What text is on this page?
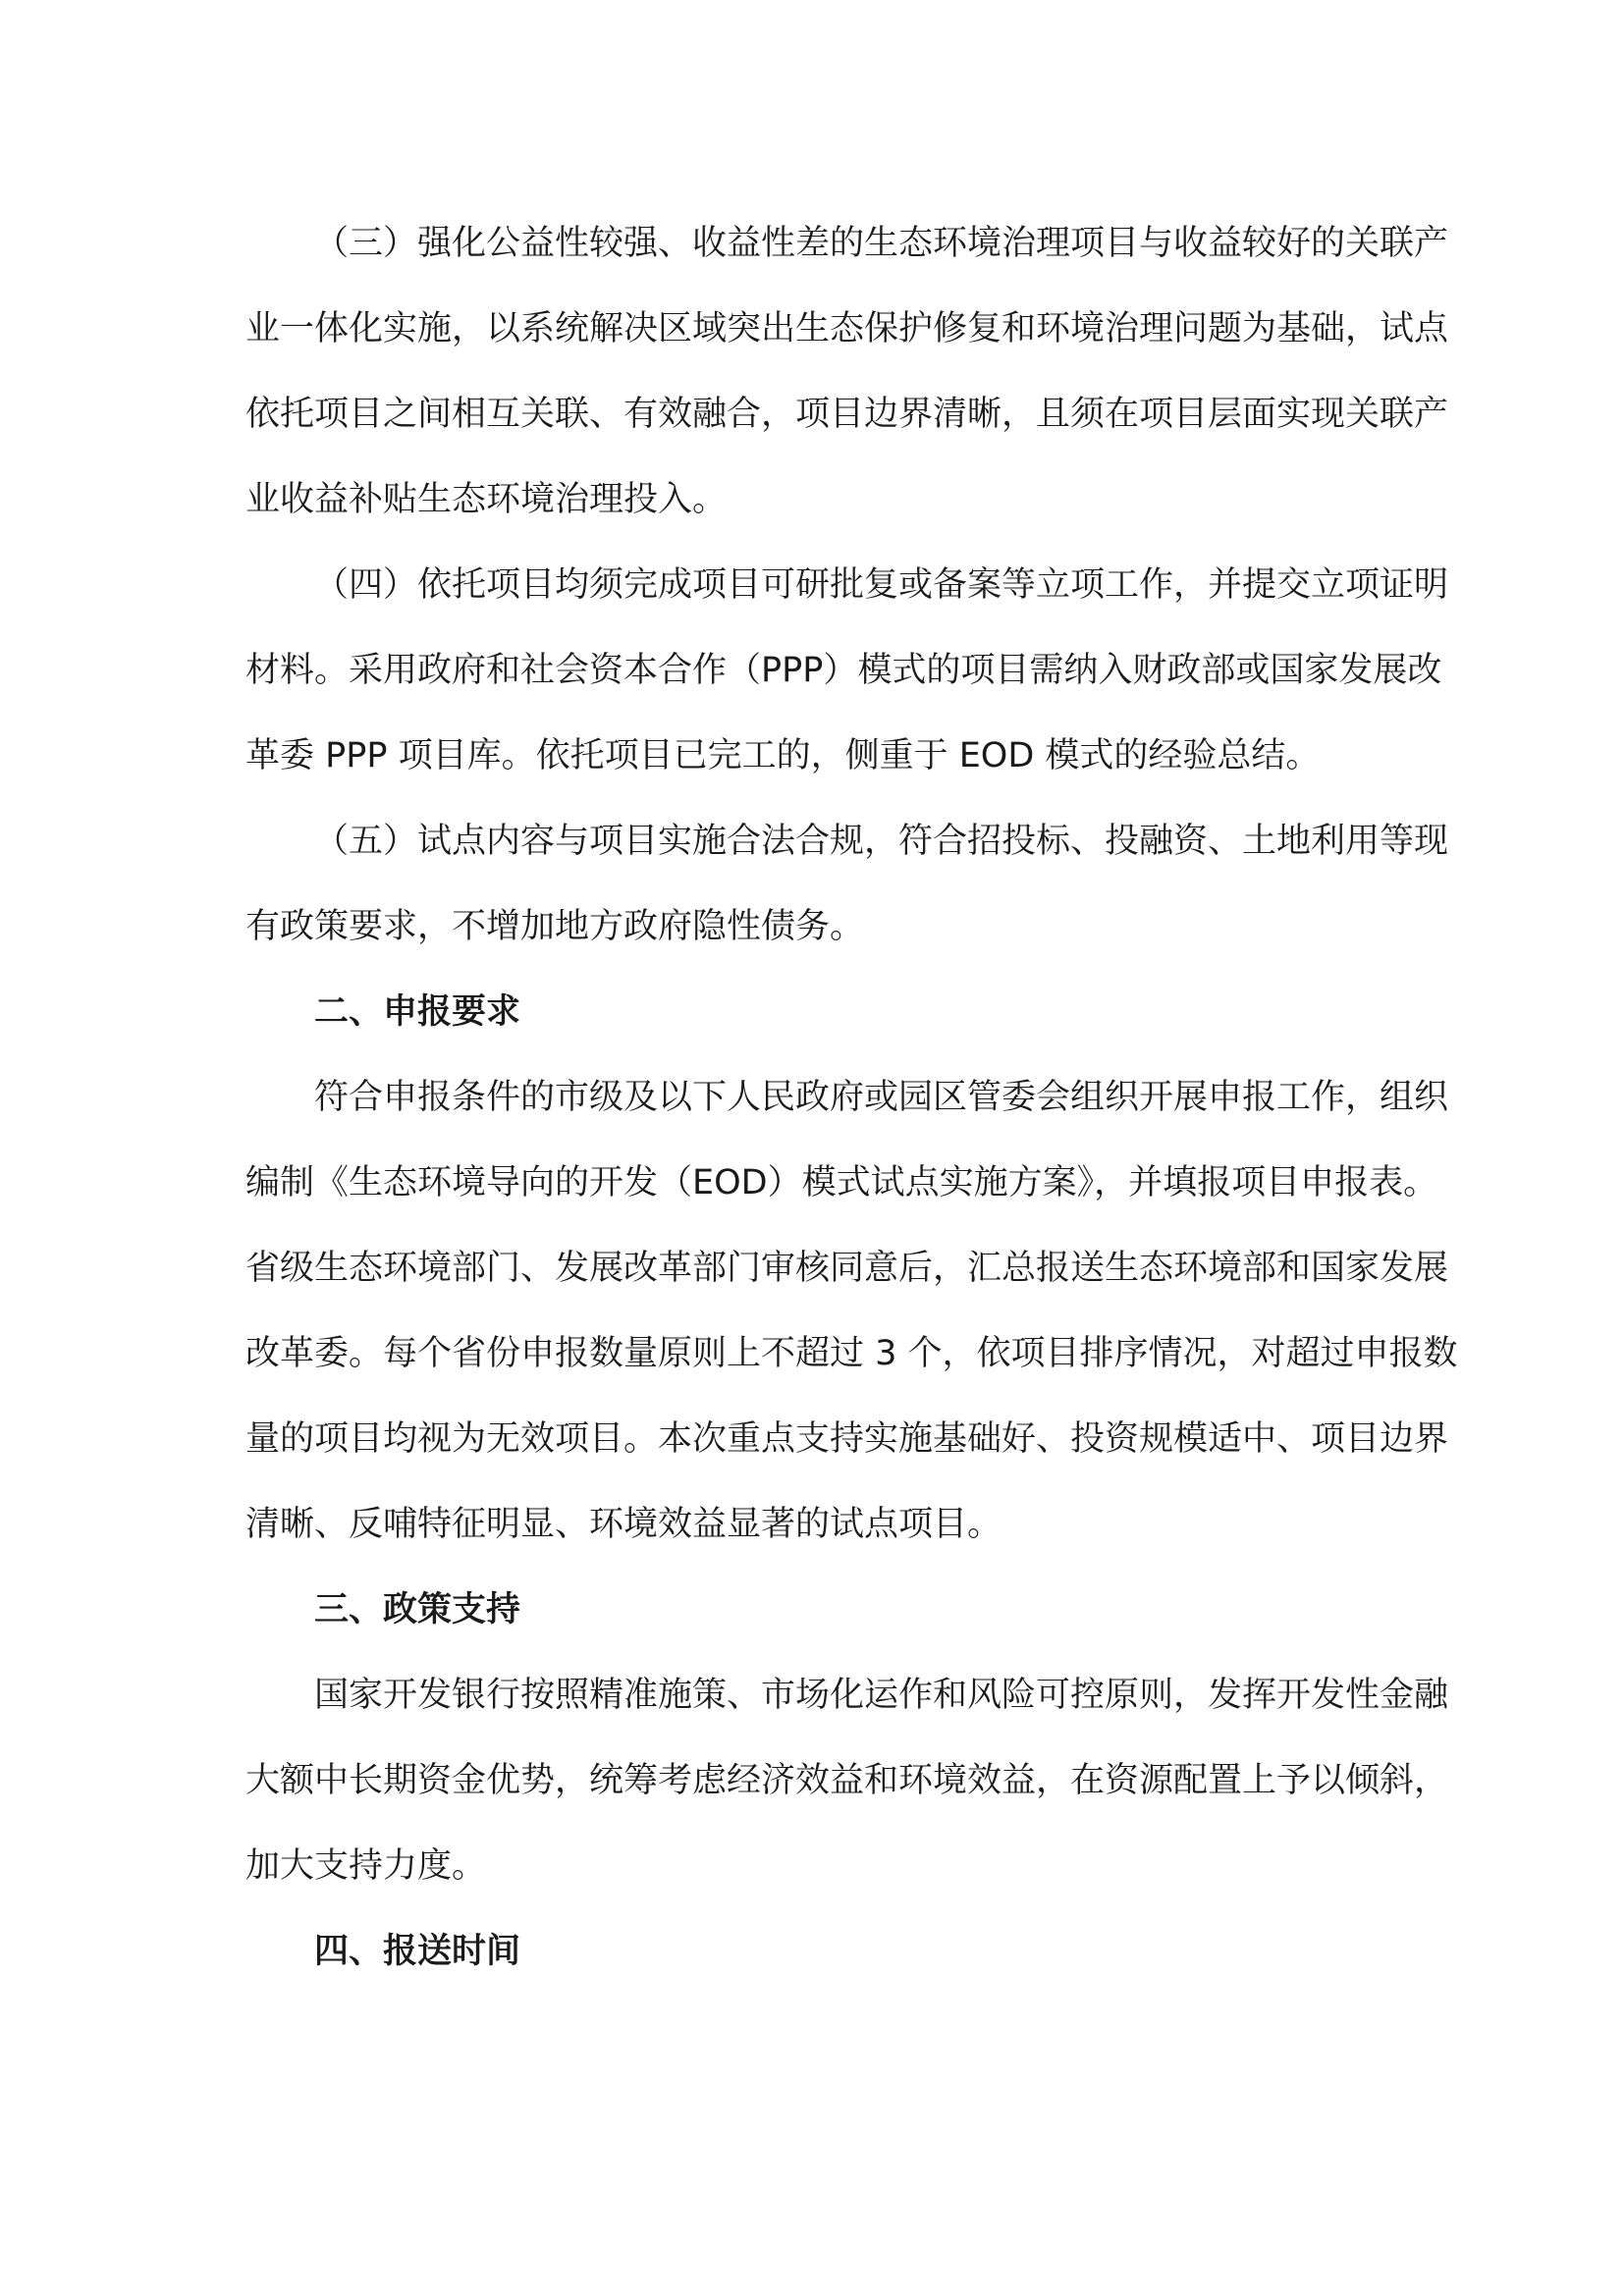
（三）强化公益性较强、收益性差的生态环境治理项目与收益较好的关联产
业一体化实施，以系统解决区域突出生态保护修复和环境治理问题为基础，试点
依托项目之间相互关联、有效融合，项目边界清晰，且须在项目层面实现关联产
业收益补贴生态环境治理投入。
（四）依托项目均须完成项目可研批复或备案等立项工作，并提交立项证明
材料。采用政府和社会资本合作（PPP）模式的项目需纳入财政部或国家发展改
革委 PPP 项目库。依托项目已完工的，侧重于 EOD 模式的经验总结。
（五）试点内容与项目实施合法合规，符合招投标、投融资、土地利用等现
有政策要求，不增加地方政府隐性债务。
二、申报要求
符合申报条件的市级及以下人民政府或园区管委会组织开展申报工作，组织
编制《生态环境导向的开发（EOD）模式试点实施方案》，并填报项目申报表。
省级生态环境部门、发展改革部门审核同意后，汇总报送生态环境部和国家发展
改革委。每个省份申报数量原则上不超过 3 个，依项目排序情况，对超过申报数
量的项目均视为无效项目。本次重点支持实施基础好、投资规模适中、项目边界
清晰、反哺特征明显、环境效益显著的试点项目。
三、政策支持
国家开发银行按照精准施策、市场化运作和风险可控原则，发挥开发性金融
大额中长期资金优势，统筹考虑经济效益和环境效益，在资源配置上予以倾斜，
加大支持力度。
四、报送时间
